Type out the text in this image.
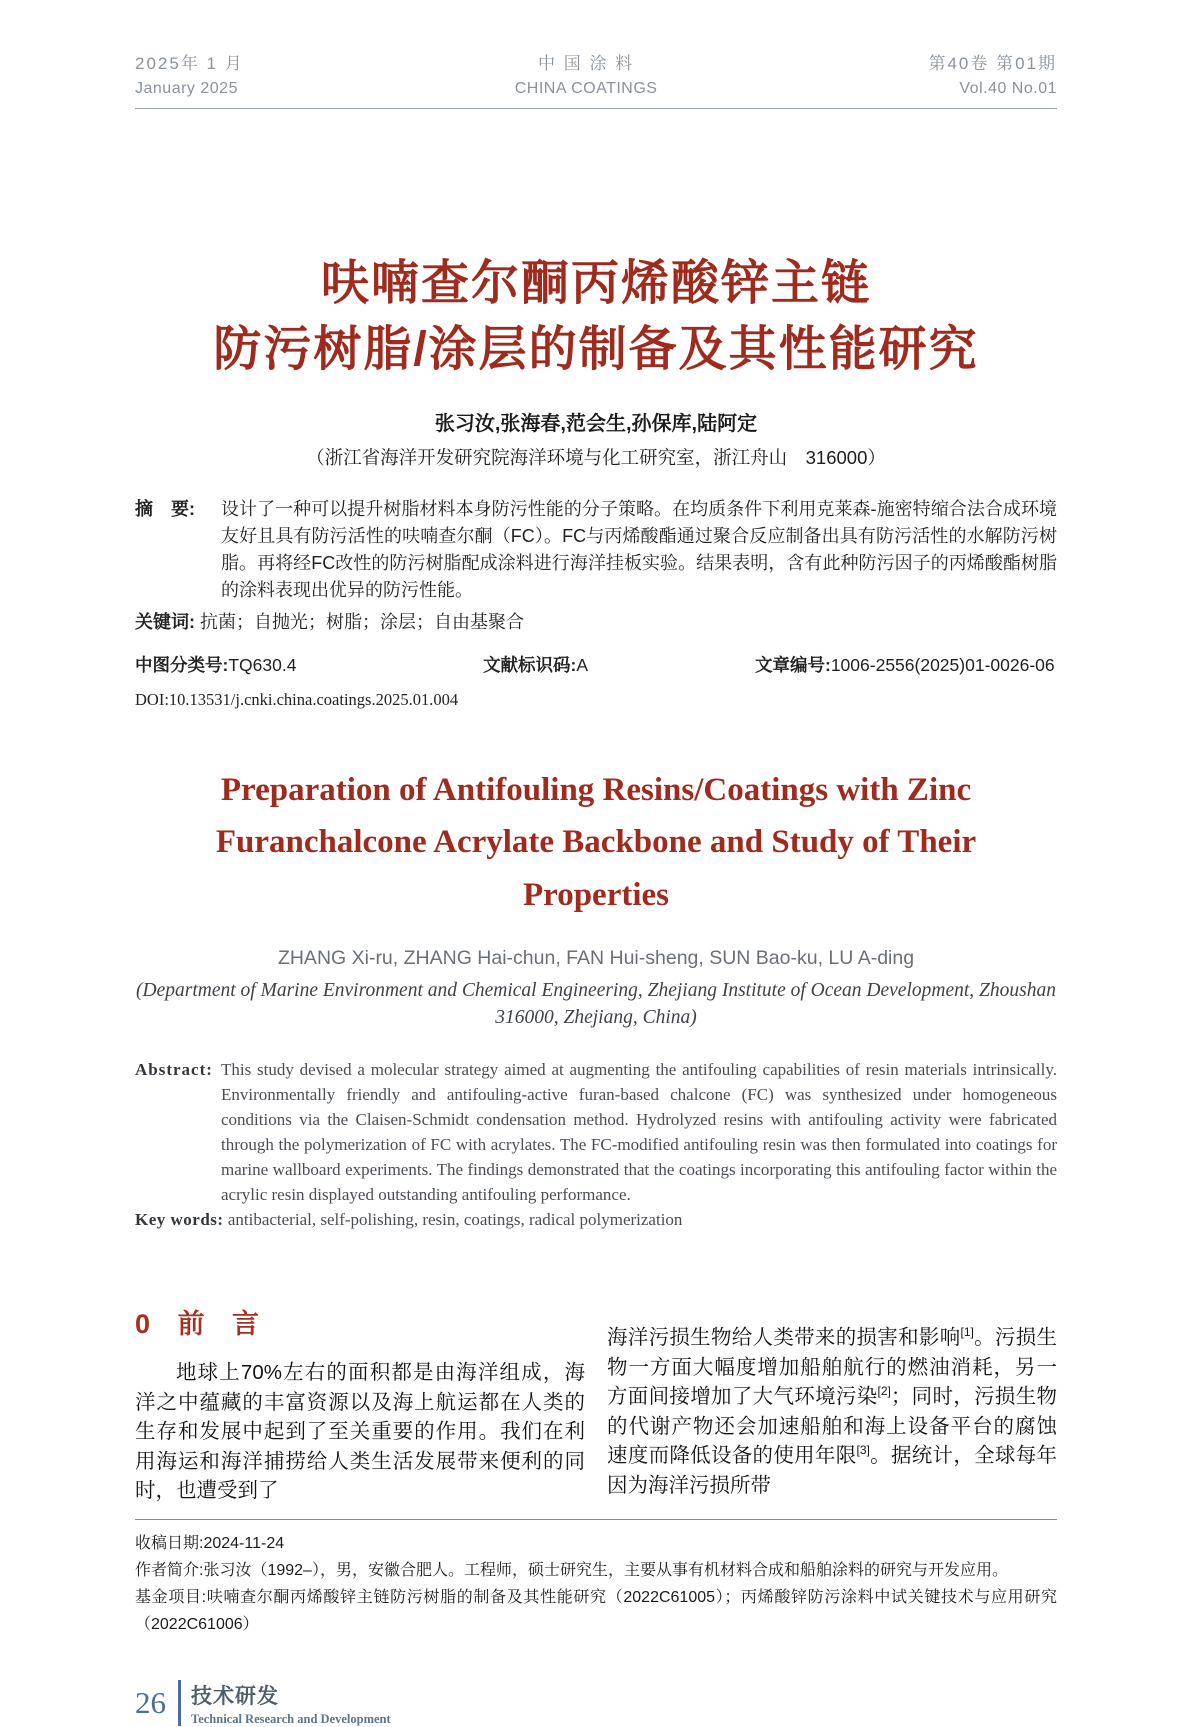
2025年 1 月
January 2025
中 国 涂 料
CHINA COATINGS
第40卷 第01期
Vol.40 No.01
呋喃查尔酮丙烯酸锌主链
防污树脂/涂层的制备及其性能研究
张习汝,张海春,范会生,孙保库,陆阿定
（浙江省海洋开发研究院海洋环境与化工研究室，浙江舟山　316000）
摘　要:	设计了一种可以提升树脂材料本身防污性能的分子策略。在均质条件下利用克莱森-施密特缩合法合成环境友好且具有防污活性的呋喃查尔酮（FC）。FC与丙烯酸酯通过聚合反应制备出具有防污活性的水解防污树脂。再将经FC改性的防污树脂配成涂料进行海洋挂板实验。结果表明，含有此种防污因子的丙烯酸酯树脂的涂料表现出优异的防污性能。
关键词: 抗菌；自抛光；树脂；涂层；自由基聚合
中图分类号:TQ630.4	文献标识码:A	文章编号:1006-2556(2025)01-0026-06
DOI:10.13531/j.cnki.china.coatings.2025.01.004
Preparation of Antifouling Resins/Coatings with Zinc Furanchalcone Acrylate Backbone and Study of Their Properties
ZHANG Xi-ru, ZHANG Hai-chun, FAN Hui-sheng, SUN Bao-ku, LU A-ding
(Department of Marine Environment and Chemical Engineering, Zhejiang Institute of Ocean Development, Zhoushan 316000, Zhejiang, China)
Abstract: This study devised a molecular strategy aimed at augmenting the antifouling capabilities of resin materials intrinsically. Environmentally friendly and antifouling-active furan-based chalcone (FC) was synthesized under homogeneous conditions via the Claisen-Schmidt condensation method. Hydrolyzed resins with antifouling activity were fabricated through the polymerization of FC with acrylates. The FC-modified antifouling resin was then formulated into coatings for marine wallboard experiments. The findings demonstrated that the coatings incorporating this antifouling factor within the acrylic resin displayed outstanding antifouling performance.
Key words: antibacterial, self-polishing, resin, coatings, radical polymerization
0 前 言

地球上70%左右的面积都是由海洋组成，海洋之中蕴藏的丰富资源以及海上航运都在人类的生存和发展中起到了至关重要的作用。我们在利用海运和海洋捕捞给人类生活发展带来便利的同时，也遭受到了

海洋污损生物给人类带来的损害和影响[1]。污损生物一方面大幅度增加船舶航行的燃油消耗，另一方面间接增加了大气环境污染[2]；同时，污损生物的代谢产物还会加速船舶和海上设备平台的腐蚀速度而降低设备的使用年限[3]。据统计，全球每年因为海洋污损所带

收稿日期:2024-11-24
作者简介:张习汝（1992–），男，安徽合肥人。工程师，硕士研究生，主要从事有机材料合成和船舶涂料的研究与开发应用。
基金项目:呋喃查尔酮丙烯酸锌主链防污树脂的制备及其性能研究（2022C61005）；丙烯酸锌防污涂料中试关键技术与应用研究（2022C61006）
26 技术研发
Technical Research and Development
